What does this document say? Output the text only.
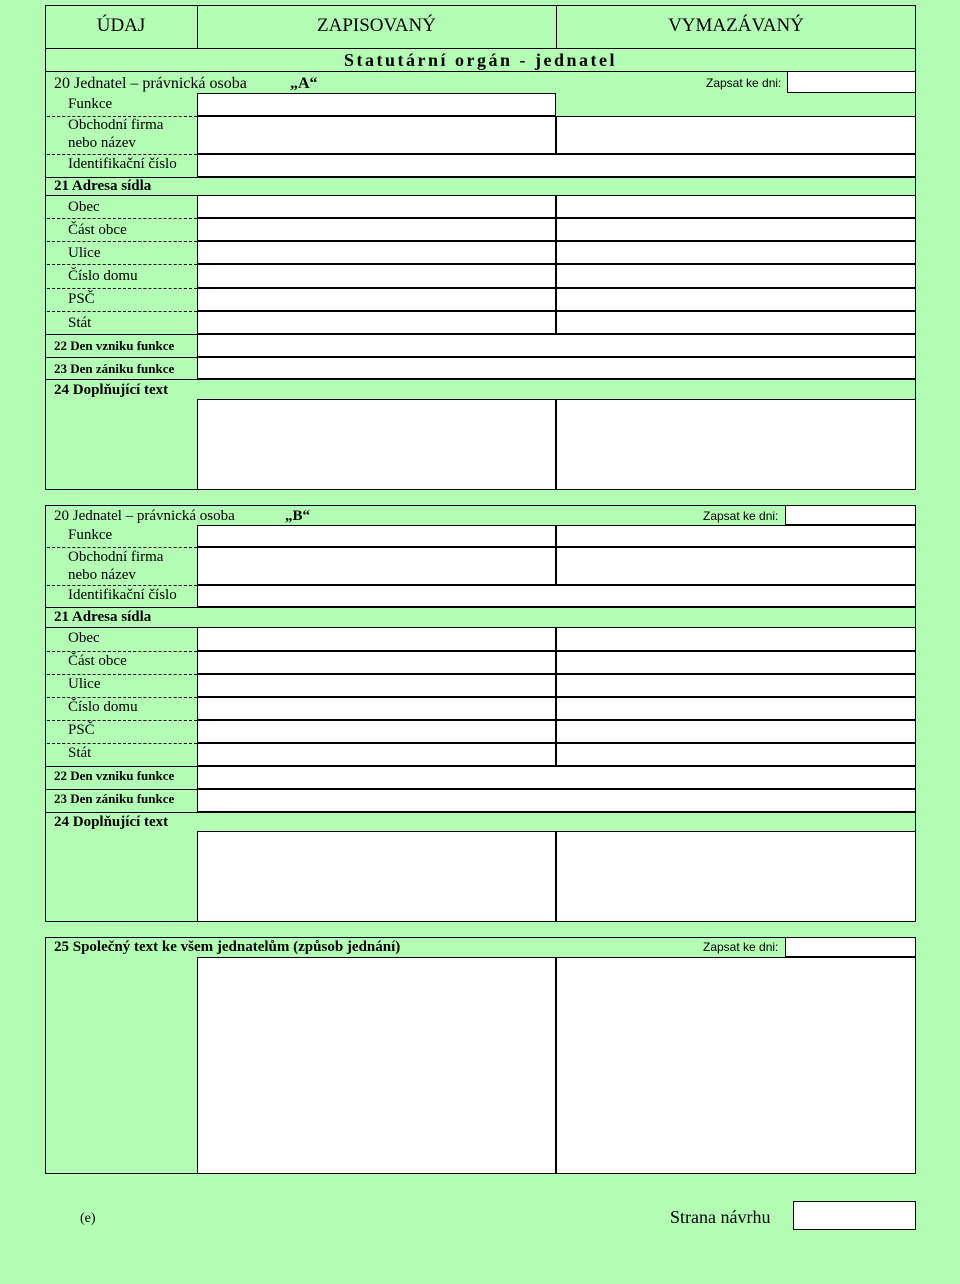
ÚDAJ	ZAPISOVANÝ	VYMAZÁVANÝ
Statutární orgán - jednatel
20 Jednatel – právnická osoba	„A“	Zapsat ke dni:
Funkce
Obchodní firma
nebo název
Identifikační číslo
21 Adresa sídla
Obec
Část obce
Ulice
Číslo domu
PSČ
Stát
22 Den vzniku funkce
23 Den zániku funkce
24 Doplňující text
20 Jednatel – právnická osoba	„B“	Zapsat ke dni:
Funkce
Obchodní firma
nebo název
Identifikační číslo
21 Adresa sídla
Obec
Část obce
Ulice
Číslo domu
PSČ
Stát
22 Den vzniku funkce
23 Den zániku funkce
24 Doplňující text
25 Společný text ke všem jednatelům (způsob jednání)	Zapsat ke dni:
(e)	Strana návrhu
